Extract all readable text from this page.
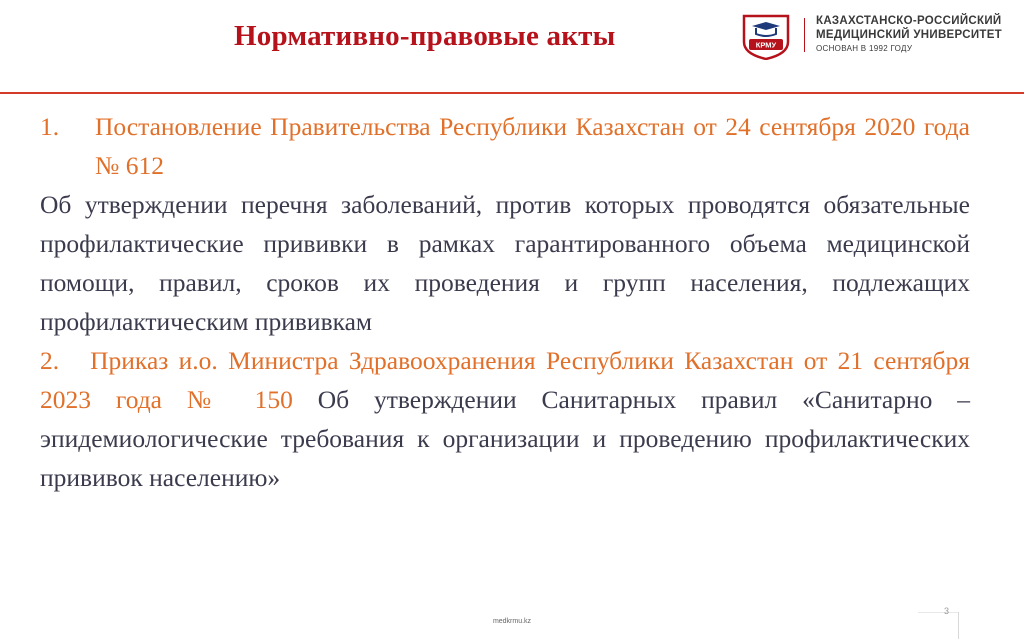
Нормативно-правовые акты	КРМУ
КАЗАХСТАНСКО-РОССИЙСКИЙ
МЕДИЦИНСКИЙ УНИВЕРСИТЕТ
ОСНОВАН В 1992 ГОДУ
1.	Постановление Правительства Республики Казахстан от 24 сентября 2020 года № 612
Об утверждении перечня заболеваний, против которых проводятся обязательные профилактические прививки в рамках гарантированного объема медицинской помощи, правил, сроков их проведения и групп населения, подлежащих профилактическим прививкам
2. Приказ и.о. Министра Здравоохранения Республики Казахстан от 21 сентября 2023 года № 150 Об утверждении Санитарных правил «Санитарно – эпидемиологические требования к организации и проведению профилактических прививок населению»
3
medkrmu.kz
